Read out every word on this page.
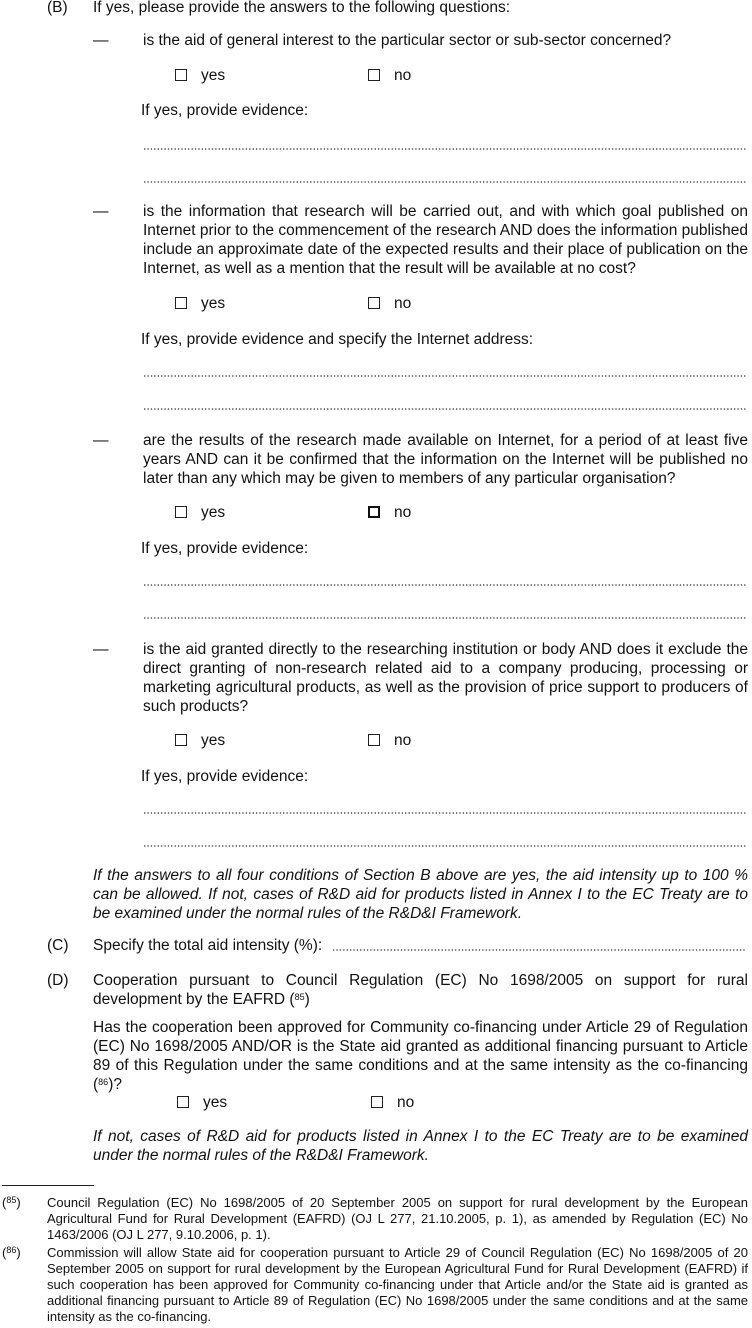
(B)	If yes, please provide the answers to the following questions:
—	is the aid of general interest to the particular sector or sub-sector concerned?
yes	no
If yes, provide evidence:
—	is the information that research will be carried out, and with which goal published on Internet prior to the commencement of the research AND does the information published include an approximate date of the expected results and their place of publication on the Internet, as well as a mention that the result will be available at no cost?
yes	no
If yes, provide evidence and specify the Internet address:
—	are the results of the research made available on Internet, for a period of at least five years AND can it be confirmed that the information on the Internet will be published no later than any which may be given to members of any particular organisation?
yes	no
If yes, provide evidence:
—	is the aid granted directly to the researching institution or body AND does it exclude the direct granting of non-research related aid to a company producing, processing or marketing agricultural products, as well as the provision of price support to producers of such products?
yes	no
If yes, provide evidence:
If the answers to all four conditions of Section B above are yes, the aid intensity up to 100 % can be allowed. If not, cases of R&D aid for products listed in Annex I to the EC Treaty are to be examined under the normal rules of the R&D&I Framework.
(C)	Specify the total aid intensity (%):
(D)	Cooperation pursuant to Council Regulation (EC) No 1698/2005 on support for rural development by the EAFRD ($^{85}$)
Has the cooperation been approved for Community co-financing under Article 29 of Regulation (EC) No 1698/2005 AND/OR is the State aid granted as additional financing pursuant to Article 89 of this Regulation under the same conditions and at the same intensity as the co-financing ($^{86}$)?
yes	no
If not, cases of R&D aid for products listed in Annex I to the EC Treaty are to be examined under the normal rules of the R&D&I Framework.
($^{85}$) Council Regulation (EC) No 1698/2005 of 20 September 2005 on support for rural development by the European Agricultural Fund for Rural Development (EAFRD) (OJ L 277, 21.10.2005, p. 1), as amended by Regulation (EC) No 1463/2006 (OJ L 277, 9.10.2006, p. 1).
($^{86}$) Commission will allow State aid for cooperation pursuant to Article 29 of Council Regulation (EC) No 1698/2005 of 20 September 2005 on support for rural development by the European Agricultural Fund for Rural Development (EAFRD) if such cooperation has been approved for Community co-financing under that Article and/or the State aid is granted as additional financing pursuant to Article 89 of Regulation (EC) No 1698/2005 under the same conditions and at the same intensity as the co-financing.
